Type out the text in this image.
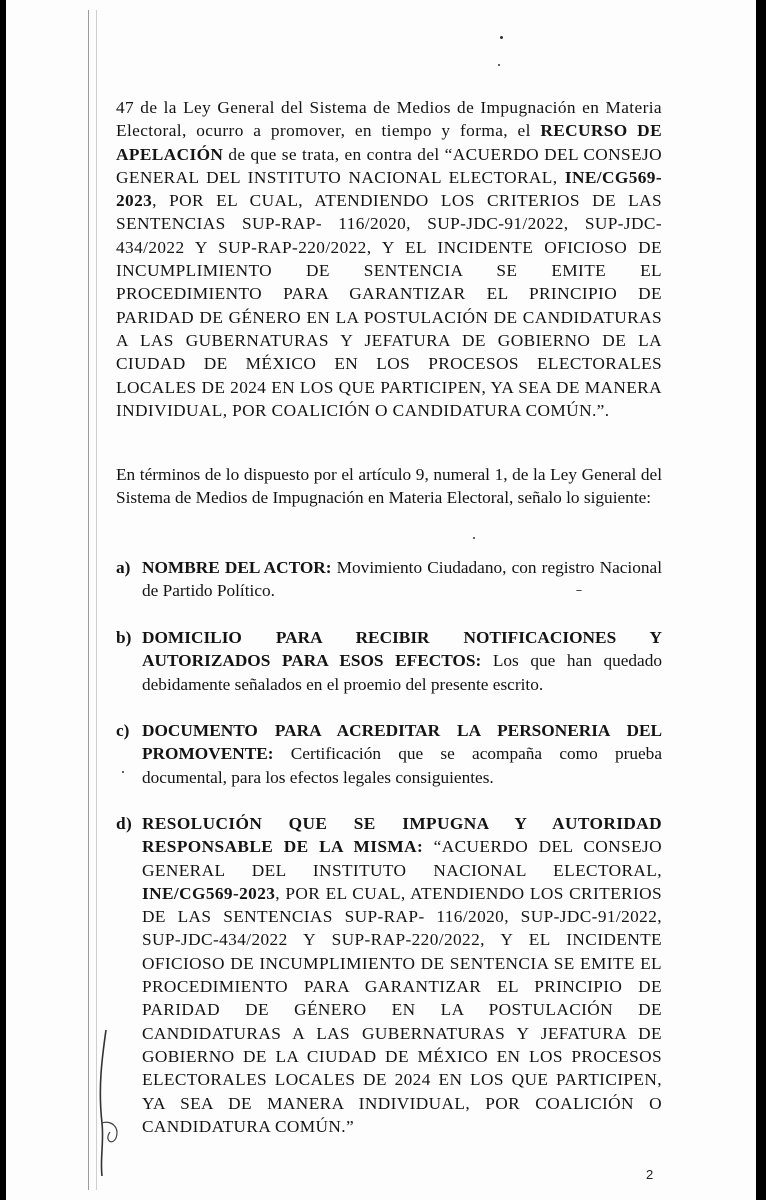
47 de la Ley General del Sistema de Medios de Impugnación en Materia Electoral, ocurro a promover, en tiempo y forma, el RECURSO DE APELACIÓN de que se trata, en contra del “ACUERDO DEL CONSEJO GENERAL DEL INSTITUTO NACIONAL ELECTORAL, INE/CG569-2023, POR EL CUAL, ATENDIENDO LOS CRITERIOS DE LAS SENTENCIAS SUP-RAP- 116/2020, SUP-JDC-91/2022, SUP-JDC-434/2022 Y SUP-RAP-220/2022, Y EL INCIDENTE OFICIOSO DE INCUMPLIMIENTO DE SENTENCIA SE EMITE EL PROCEDIMIENTO PARA GARANTIZAR EL PRINCIPIO DE PARIDAD DE GÉNERO EN LA POSTULACIÓN DE CANDIDATURAS A LAS GUBERNATURAS Y JEFATURA DE GOBIERNO DE LA CIUDAD DE MÉXICO EN LOS PROCESOS ELECTORALES LOCALES DE 2024 EN LOS QUE PARTICIPEN, YA SEA DE MANERA INDIVIDUAL, POR COALICIÓN O CANDIDATURA COMÚN.”.
En términos de lo dispuesto por el artículo 9, numeral 1, de la Ley General del Sistema de Medios de Impugnación en Materia Electoral, señalo lo siguiente:
a) NOMBRE DEL ACTOR: Movimiento Ciudadano, con registro Nacional de Partido Político.
b) DOMICILIO PARA RECIBIR NOTIFICACIONES Y AUTORIZADOS PARA ESOS EFECTOS: Los que han quedado debidamente señalados en el proemio del presente escrito.
c) DOCUMENTO PARA ACREDITAR LA PERSONERIA DEL PROMOVENTE: Certificación que se acompaña como prueba documental, para los efectos legales consiguientes.
d) RESOLUCIÓN QUE SE IMPUGNA Y AUTORIDAD RESPONSABLE DE LA MISMA: “ACUERDO DEL CONSEJO GENERAL DEL INSTITUTO NACIONAL ELECTORAL, INE/CG569-2023, POR EL CUAL, ATENDIENDO LOS CRITERIOS DE LAS SENTENCIAS SUP-RAP- 116/2020, SUP-JDC-91/2022, SUP-JDC-434/2022 Y SUP-RAP-220/2022, Y EL INCIDENTE OFICIOSO DE INCUMPLIMIENTO DE SENTENCIA SE EMITE EL PROCEDIMIENTO PARA GARANTIZAR EL PRINCIPIO DE PARIDAD DE GÉNERO EN LA POSTULACIÓN DE CANDIDATURAS A LAS GUBERNATURAS Y JEFATURA DE GOBIERNO DE LA CIUDAD DE MÉXICO EN LOS PROCESOS ELECTORALES LOCALES DE 2024 EN LOS QUE PARTICIPEN, YA SEA DE MANERA INDIVIDUAL, POR COALICIÓN O CANDIDATURA COMÚN.”
2
